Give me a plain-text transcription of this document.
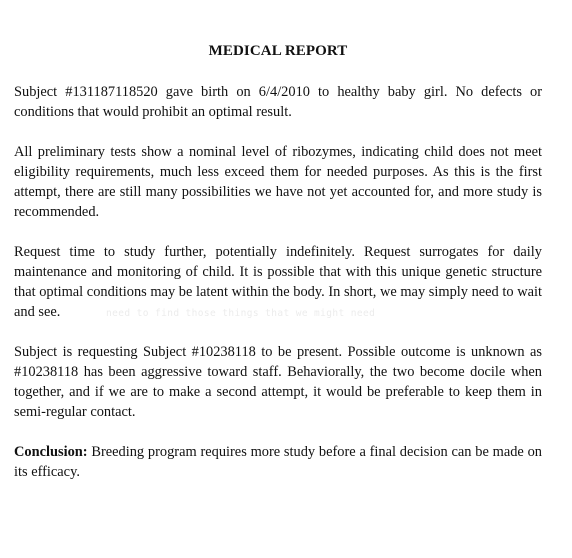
MEDICAL REPORT

Subject #131187118520 gave birth on 6/4/2010 to healthy baby girl. No defects or conditions that would prohibit an optimal result.

All preliminary tests show a nominal level of ribozymes, indicating child does not meet eligibility requirements, much less exceed them for needed purposes. As this is the first attempt, there are still many possibilities we have not yet accounted for, and more study is recommended.

Request time to study further, potentially indefinitely. Request surrogates for daily maintenance and monitoring of child. It is possible that with this unique genetic structure that optimal conditions may be latent within the body. In short, we may simply need to wait and see.

Subject is requesting Subject #10238118 to be present. Possible outcome is unknown as #10238118 has been aggressive toward staff. Behaviorally, the two become docile when together, and if we are to make a second attempt, it would be preferable to keep them in semi-regular contact.

Conclusion: Breeding program requires more study before a final decision can be made on its efficacy.

need to find those things that we might need
